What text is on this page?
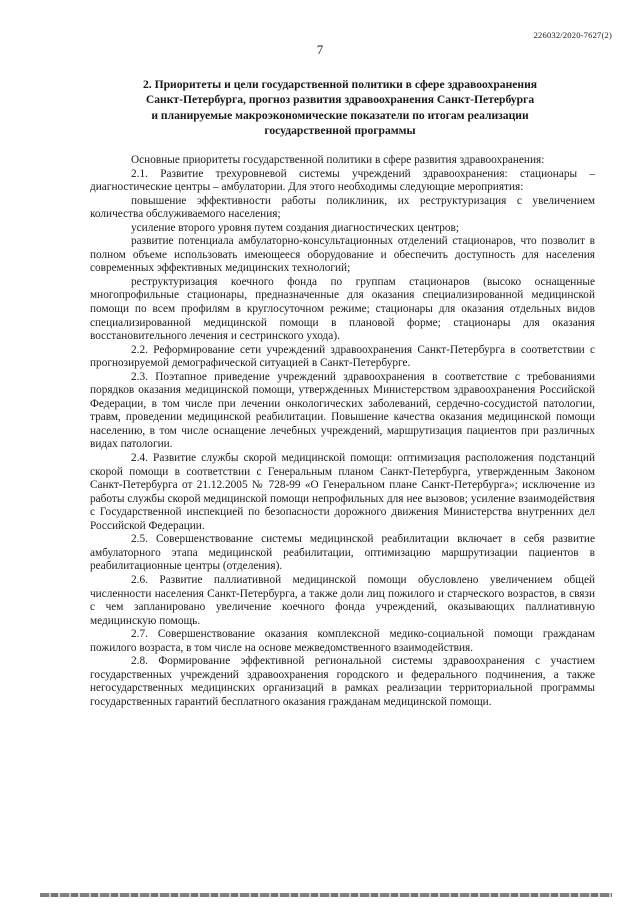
226032/2020-7627(2)
7
2. Приоритеты и цели государственной политики в сфере здравоохранения
Санкт-Петербурга, прогноз развития здравоохранения Санкт-Петербурга
и планируемые макроэкономические показатели по итогам реализации
государственной программы

Основные приоритеты государственной политики в сфере развития здравоохранения:

2.1. Развитие трехуровневой системы учреждений здравоохранения: стационары – диагностические центры – амбулатории. Для этого необходимы следующие мероприятия:

повышение эффективности работы поликлиник, их реструктуризация с увеличением количества обслуживаемого населения;

усиление второго уровня путем создания диагностических центров;

развитие потенциала амбулаторно-консультационных отделений стационаров, что позволит в полном объеме использовать имеющееся оборудование и обеспечить доступность для населения современных эффективных медицинских технологий;

реструктуризация коечного фонда по группам стационаров (высоко оснащенные многопрофильные стационары, предназначенные для оказания специализированной медицинской помощи по всем профилям в круглосуточном режиме; стационары для оказания отдельных видов специализированной медицинской помощи в плановой форме; стационары для оказания восстановительного лечения и сестринского ухода).

2.2. Реформирование сети учреждений здравоохранения Санкт-Петербурга в соответствии с прогнозируемой демографической ситуацией в Санкт-Петербурге.

2.3. Поэтапное приведение учреждений здравоохранения в соответствие с требованиями порядков оказания медицинской помощи, утвержденных Министерством здравоохранения Российской Федерации, в том числе при лечении онкологических заболеваний, сердечно-сосудистой патологии, травм, проведении медицинской реабилитации. Повышение качества оказания медицинской помощи населению, в том числе оснащение лечебных учреждений, маршрутизация пациентов при различных видах патологии.

2.4. Развитие службы скорой медицинской помощи: оптимизация расположения подстанций скорой помощи в соответствии с Генеральным планом Санкт-Петербурга, утвержденным Законом Санкт-Петербурга от 21.12.2005 № 728-99 «О Генеральном плане Санкт-Петербурга»; исключение из работы службы скорой медицинской помощи непрофильных для нее вызовов; усиление взаимодействия с Государственной инспекцией по безопасности дорожного движения Министерства внутренних дел Российской Федерации.

2.5. Совершенствование системы медицинской реабилитации включает в себя развитие амбулаторного этапа медицинской реабилитации, оптимизацию маршрутизации пациентов в реабилитационные центры (отделения).

2.6. Развитие паллиативной медицинской помощи обусловлено увеличением общей численности населения Санкт-Петербурга, а также доли лиц пожилого и старческого возрастов, в связи с чем запланировано увеличение коечного фонда учреждений, оказывающих паллиативную медицинскую помощь.

2.7. Совершенствование оказания комплексной медико-социальной помощи гражданам пожилого возраста, в том числе на основе межведомственного взаимодействия.

2.8. Формирование эффективной региональной системы здравоохранения с участием государственных учреждений здравоохранения городского и федерального подчинения, а также негосударственных медицинских организаций в рамках реализации территориальной программы государственных гарантий бесплатного оказания гражданам медицинской помощи.
